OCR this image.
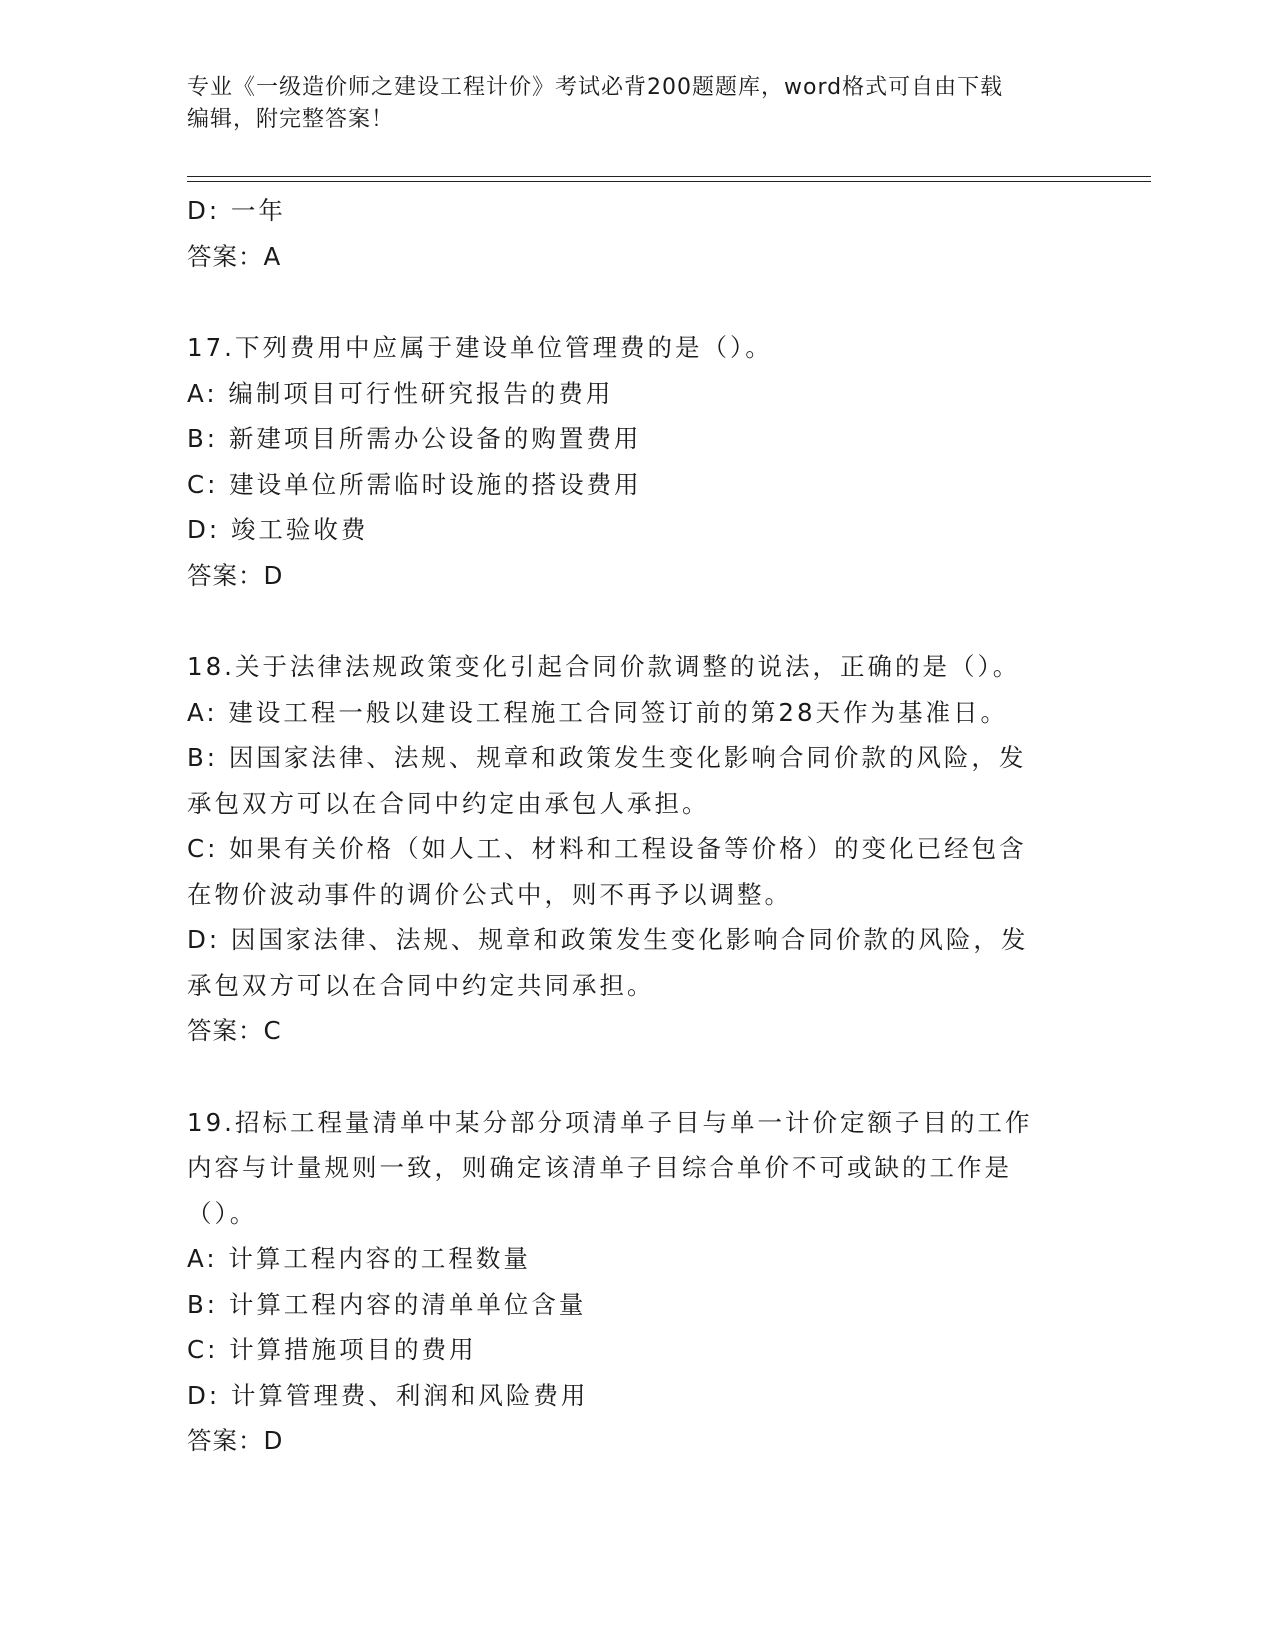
专业《一级造价师之建设工程计价》考试必背200题题库，word格式可自由下载
编辑，附完整答案！
D: 一年
答案：A
17.下列费用中应属于建设单位管理费的是（）。
A: 编制项目可行性研究报告的费用
B: 新建项目所需办公设备的购置费用
C: 建设单位所需临时设施的搭设费用
D: 竣工验收费
答案：D
18.关于法律法规政策变化引起合同价款调整的说法，正确的是（）。
A: 建设工程一般以建设工程施工合同签订前的第28天作为基准日。
B: 因国家法律、法规、规章和政策发生变化影响合同价款的风险，发
承包双方可以在合同中约定由承包人承担。
C: 如果有关价格（如人工、材料和工程设备等价格）的变化已经包含
在物价波动事件的调价公式中，则不再予以调整。
D: 因国家法律、法规、规章和政策发生变化影响合同价款的风险，发
承包双方可以在合同中约定共同承担。
答案：C
19.招标工程量清单中某分部分项清单子目与单一计价定额子目的工作
内容与计量规则一致，则确定该清单子目综合单价不可或缺的工作是
（）。
A: 计算工程内容的工程数量
B: 计算工程内容的清单单位含量
C: 计算措施项目的费用
D: 计算管理费、利润和风险费用
答案：D
